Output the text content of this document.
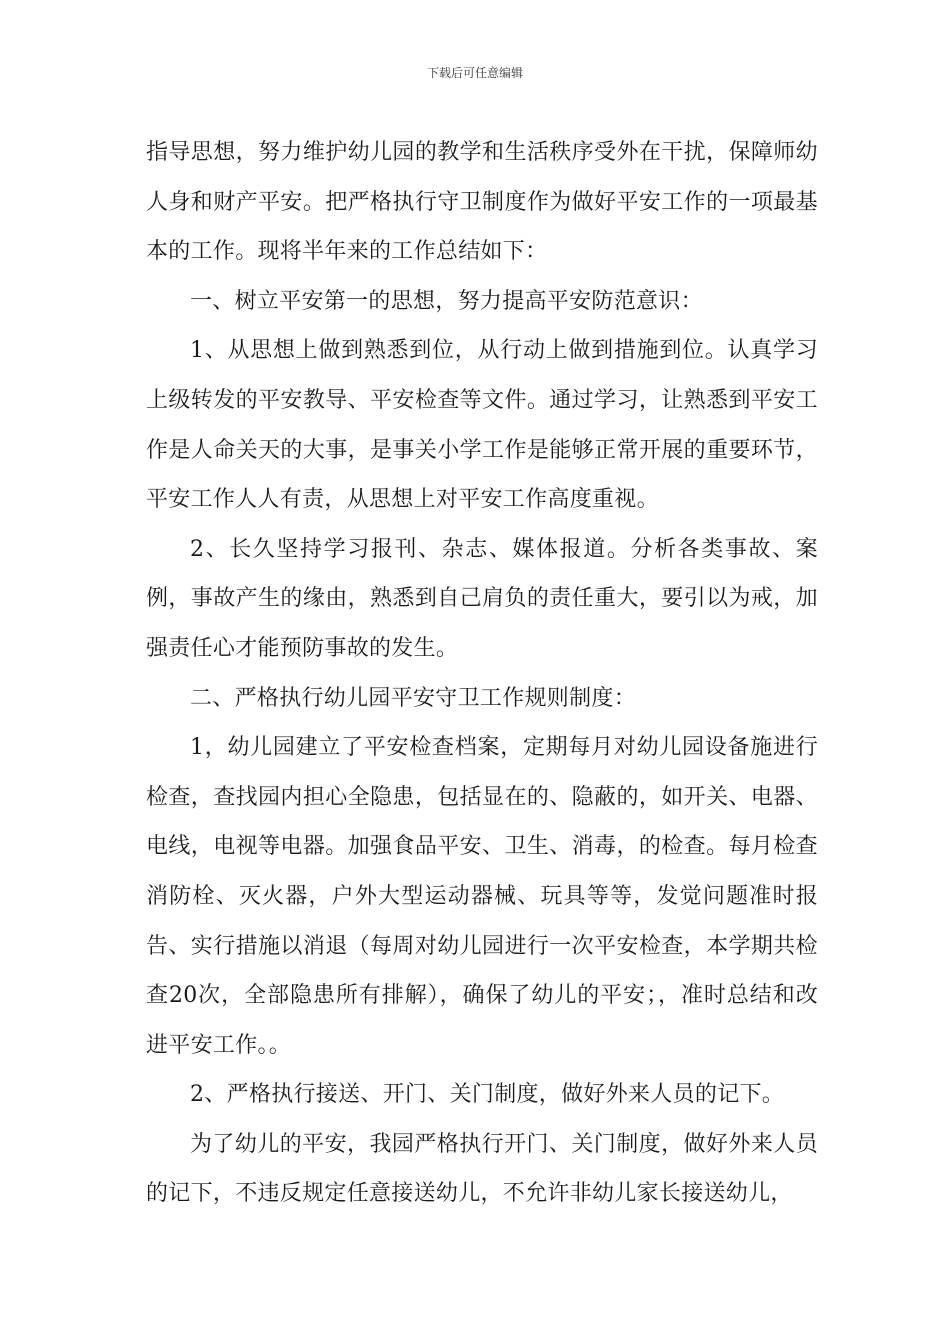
下载后可任意编辑

指导思想，努力维护幼儿园的教学和生活秩序受外在干扰，保障师幼人身和财产平安。把严格执行守卫制度作为做好平安工作的一项最基本的工作。现将半年来的工作总结如下：

一、树立平安第一的思想，努力提高平安防范意识：

1、从思想上做到熟悉到位，从行动上做到措施到位。认真学习上级转发的平安教导、平安检查等文件。通过学习，让熟悉到平安工作是人命关天的大事，是事关小学工作是能够正常开展的重要环节，平安工作人人有责，从思想上对平安工作高度重视。

2、长久坚持学习报刊、杂志、媒体报道。分析各类事故、案例，事故产生的缘由，熟悉到自己肩负的责任重大，要引以为戒，加强责任心才能预防事故的发生。

二、严格执行幼儿园平安守卫工作规则制度：

1，幼儿园建立了平安检查档案，定期每月对幼儿园设备施进行检查，查找园内担心全隐患，包括显在的、隐蔽的，如开关、电器、电线，电视等电器。加强食品平安、卫生、消毒，的检查。每月检查消防栓、灭火器，户外大型运动器械、玩具等等，发觉问题准时报告、实行措施以消退（每周对幼儿园进行一次平安检查，本学期共检查20次，全部隐患所有排解），确保了幼儿的平安；，准时总结和改进平安工作。。

2、严格执行接送、开门、关门制度，做好外来人员的记下。

为了幼儿的平安，我园严格执行开门、关门制度，做好外来人员的记下，不违反规定任意接送幼儿，不允许非幼儿家长接送幼儿，
